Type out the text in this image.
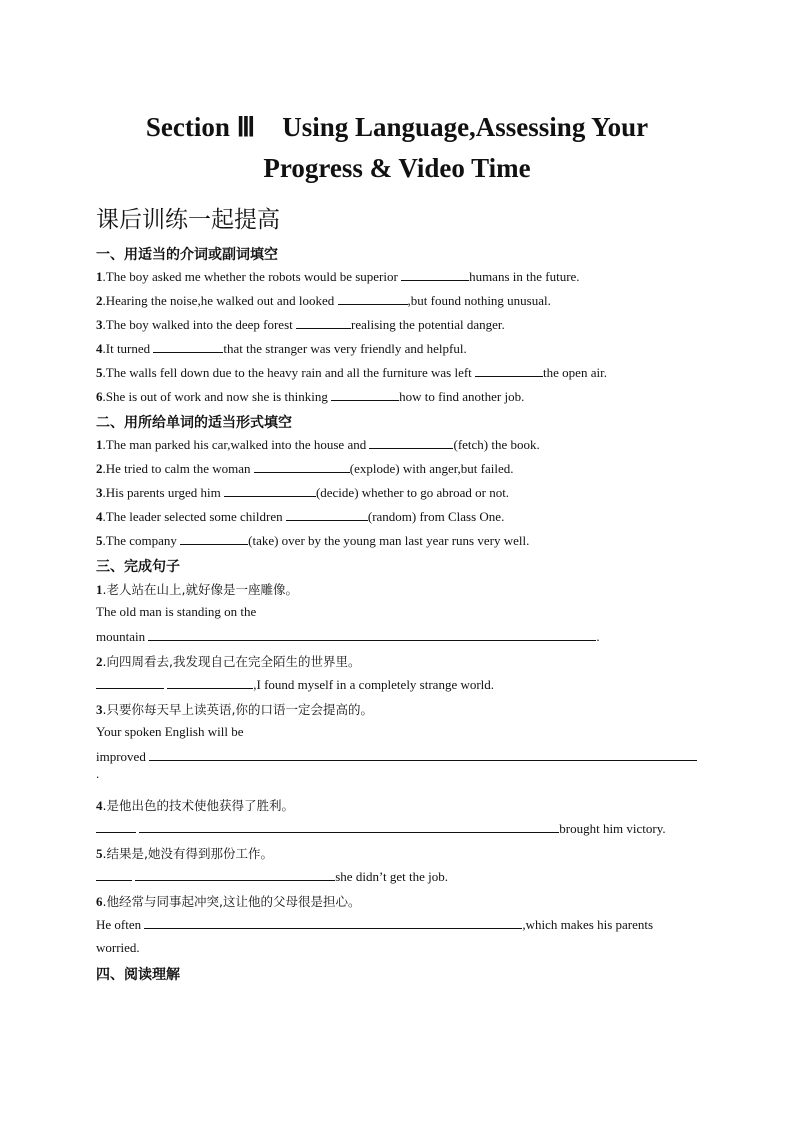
Section Ⅲ　Using Language,Assessing Your
Progress & Video Time
课后训练一起提高
一、用适当的介词或副词填空
1.The boy asked me whether the robots would be superior	humans in the future.
2.Hearing the noise,he walked out and looked	,but found nothing unusual.
3.The boy walked into the deep forest	realising the potential danger.
4.It turned	that the stranger was very friendly and helpful.
5.The walls fell down due to the heavy rain and all the furniture was left	the open air.
6.She is out of work and now she is thinking	how to find another job.
二、用所给单词的适当形式填空
1.The man parked his car,walked into the house and	(fetch) the book.
2.He tried to calm the woman	(explode) with anger,but failed.
3.His parents urged him	(decide) whether to go abroad or not.
4.The leader selected some children	(random) from Class One.
5.The company	(take) over by the young man last year runs very well.
三、完成句子
1.老人站在山上,就好像是一座雕像。
The old man is standing on the
mountain	.
2.向四周看去,我发现自己在完全陌生的世界里。
,I found myself in a completely strange world.
3.只要你每天早上读英语,你的口语一定会提高的。
Your spoken English will be
improved
.
4.是他出色的技术使他获得了胜利。
brought him victory.
5.结果是,她没有得到那份工作。
she didn’t get the job.
6.他经常与同事起冲突,这让他的父母很是担心。
He often	,which makes his parents
worried.
四、阅读理解
